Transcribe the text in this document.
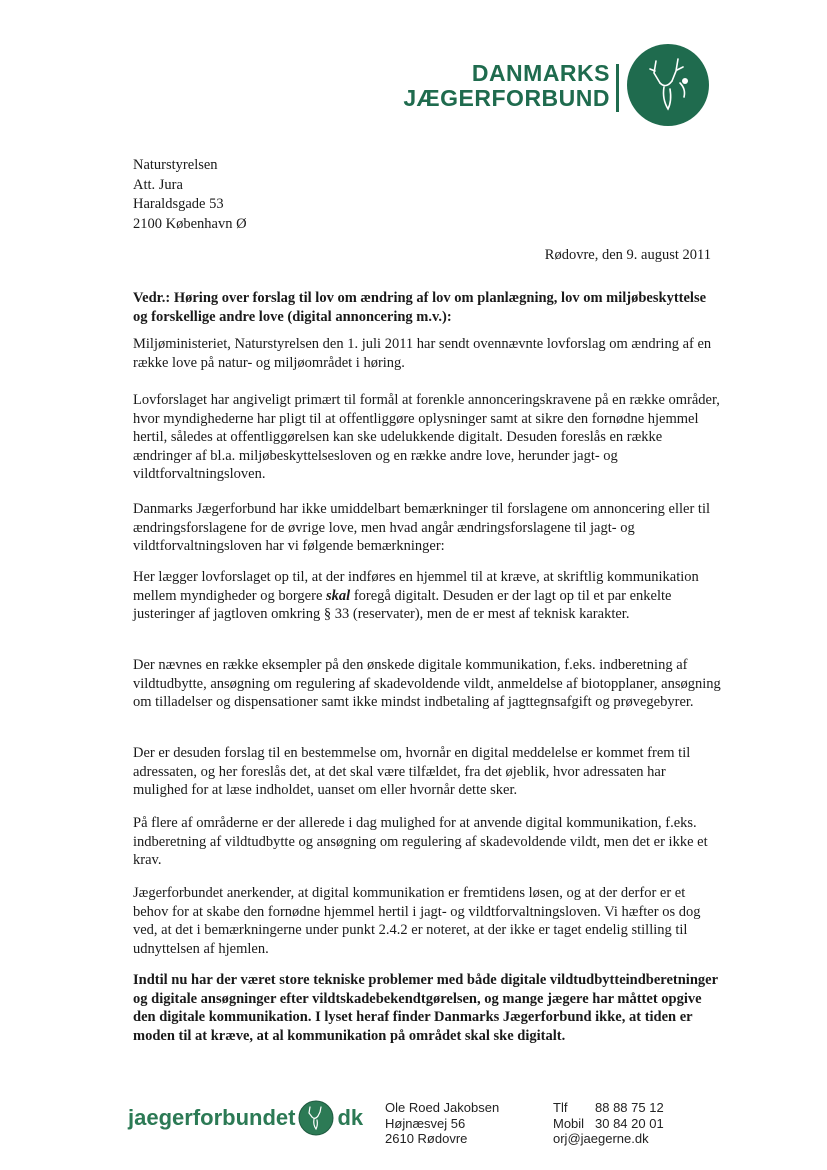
DANMARKS
JÆGERFORBUND
Naturstyrelsen
Att. Jura
Haraldsgade 53
2100 København Ø
Rødovre, den 9. august 2011
Vedr.: Høring over forslag til lov om ændring af lov om planlægning, lov om miljøbeskyttelse og forskellige andre love (digital annoncering m.v.):

Miljøministeriet, Naturstyrelsen den 1. juli 2011 har sendt ovennævnte lovforslag om ændring af en række love på natur- og miljøområdet i høring.

Lovforslaget har angiveligt primært til formål at forenkle annonceringskravene på en række områder, hvor myndighederne har pligt til at offentliggøre oplysninger samt at sikre den fornødne hjemmel hertil, således at offentliggørelsen kan ske udelukkende digitalt. Desuden foreslås en række ændringer af bl.a. miljøbeskyttelsesloven og en række andre love, herunder jagt- og vildtforvaltningsloven.

Danmarks Jægerforbund har ikke umiddelbart bemærkninger til forslagene om annoncering eller til ændringsforslagene for de øvrige love, men hvad angår ændringsforslagene til jagt- og vildtforvaltningsloven har vi følgende bemærkninger:

Her lægger lovforslaget op til, at der indføres en hjemmel til at kræve, at skriftlig kommunikation mellem myndigheder og borgere skal foregå digitalt. Desuden er der lagt op til et par enkelte justeringer af jagtloven omkring § 33 (reservater), men de er mest af teknisk karakter.

Der nævnes en række eksempler på den ønskede digitale kommunikation, f.eks. indberetning af vildtudbytte, ansøgning om regulering af skadevoldende vildt, anmeldelse af biotopplaner, ansøgning om tilladelser og dispensationer samt ikke mindst indbetaling af jagttegnsafgift og prøvegebyrer.

Der er desuden forslag til en bestemmelse om, hvornår en digital meddelelse er kommet frem til adressaten, og her foreslås det, at det skal være tilfældet, fra det øjeblik, hvor adressaten har mulighed for at læse indholdet, uanset om eller hvornår dette sker.

På flere af områderne er der allerede i dag mulighed for at anvende digital kommunikation, f.eks. indberetning af vildtudbytte og ansøgning om regulering af skadevoldende vildt, men det er ikke et krav.

Jægerforbundet anerkender, at digital kommunikation er fremtidens løsen, og at der derfor er et behov for at skabe den fornødne hjemmel hertil i jagt- og vildtforvaltningsloven. Vi hæfter os dog ved, at det i bemærkningerne under punkt 2.4.2 er noteret, at der ikke er taget endelig stilling til udnyttelsen af hjemlen.

Indtil nu har der været store tekniske problemer med både digitale vildtudbytteindberetninger og digitale ansøgninger efter vildtskadebekendtgørelsen, og mange jægere har måttet opgive den digitale kommunikation. I lyset heraf finder Danmarks Jægerforbund ikke, at tiden er moden til at kræve, at al kommunikation på området skal ske digitalt.

jaegerforbundet dk Ole Roed Jakobsen
Højnæsvej 56
2610 Rødovre
Tlf 88 88 75 12
Mobil 30 84 20 01
orj@jaegerne.dk
